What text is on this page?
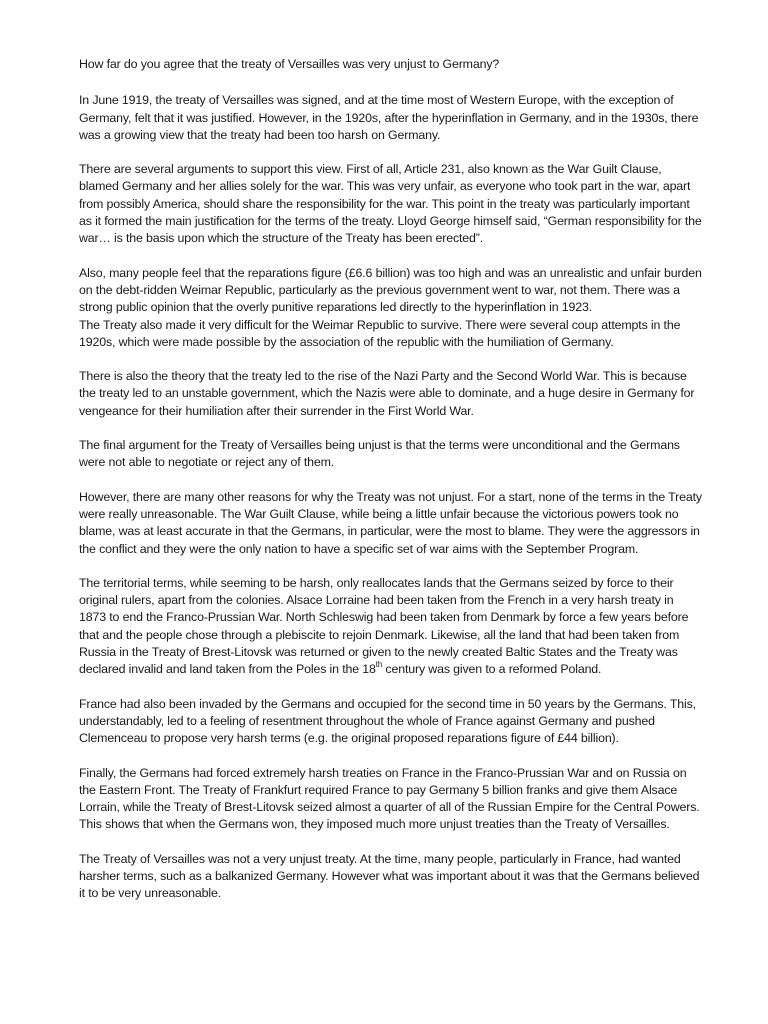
How far do you agree that the treaty of Versailles was very unjust to Germany?

In June 1919, the treaty of Versailles was signed, and at the time most of Western Europe, with the exception of Germany, felt that it was justified. However, in the 1920s, after the hyperinflation in Germany, and in the 1930s, there was a growing view that the treaty had been too harsh on Germany.

There are several arguments to support this view. First of all, Article 231, also known as the War Guilt Clause, blamed Germany and her allies solely for the war. This was very unfair, as everyone who took part in the war, apart from possibly America, should share the responsibility for the war. This point in the treaty was particularly important as it formed the main justification for the terms of the treaty. Lloyd George himself said, “German responsibility for the war… is the basis upon which the structure of the Treaty has been erected”.

Also, many people feel that the reparations figure (£6.6 billion) was too high and was an unrealistic and unfair burden on the debt-ridden Weimar Republic, particularly as the previous government went to war, not them. There was a strong public opinion that the overly punitive reparations led directly to the hyperinflation in 1923.

The Treaty also made it very difficult for the Weimar Republic to survive. There were several coup attempts in the 1920s, which were made possible by the association of the republic with the humiliation of Germany.

There is also the theory that the treaty led to the rise of the Nazi Party and the Second World War. This is because the treaty led to an unstable government, which the Nazis were able to dominate, and a huge desire in Germany for vengeance for their humiliation after their surrender in the First World War.

The final argument for the Treaty of Versailles being unjust is that the terms were unconditional and the Germans were not able to negotiate or reject any of them.

However, there are many other reasons for why the Treaty was not unjust. For a start, none of the terms in the Treaty were really unreasonable. The War Guilt Clause, while being a little unfair because the victorious powers took no blame, was at least accurate in that the Germans, in particular, were the most to blame. They were the aggressors in the conflict and they were the only nation to have a specific set of war aims with the September Program.

The territorial terms, while seeming to be harsh, only reallocates lands that the Germans seized by force to their original rulers, apart from the colonies. Alsace Lorraine had been taken from the French in a very harsh treaty in 1873 to end the Franco-Prussian War. North Schleswig had been taken from Denmark by force a few years before that and the people chose through a plebiscite to rejoin Denmark. Likewise, all the land that had been taken from Russia in the Treaty of Brest-Litovsk was returned or given to the newly created Baltic States and the Treaty was declared invalid and land taken from the Poles in the 18th century was given to a reformed Poland.

France had also been invaded by the Germans and occupied for the second time in 50 years by the Germans. This, understandably, led to a feeling of resentment throughout the whole of France against Germany and pushed Clemenceau to propose very harsh terms (e.g. the original proposed reparations figure of £44 billion).

Finally, the Germans had forced extremely harsh treaties on France in the Franco-Prussian War and on Russia on the Eastern Front. The Treaty of Frankfurt required France to pay Germany 5 billion franks and give them Alsace Lorrain, while the Treaty of Brest-Litovsk seized almost a quarter of all of the Russian Empire for the Central Powers. This shows that when the Germans won, they imposed much more unjust treaties than the Treaty of Versailles.

The Treaty of Versailles was not a very unjust treaty. At the time, many people, particularly in France, had wanted harsher terms, such as a balkanized Germany. However what was important about it was that the Germans believed it to be very unreasonable.
